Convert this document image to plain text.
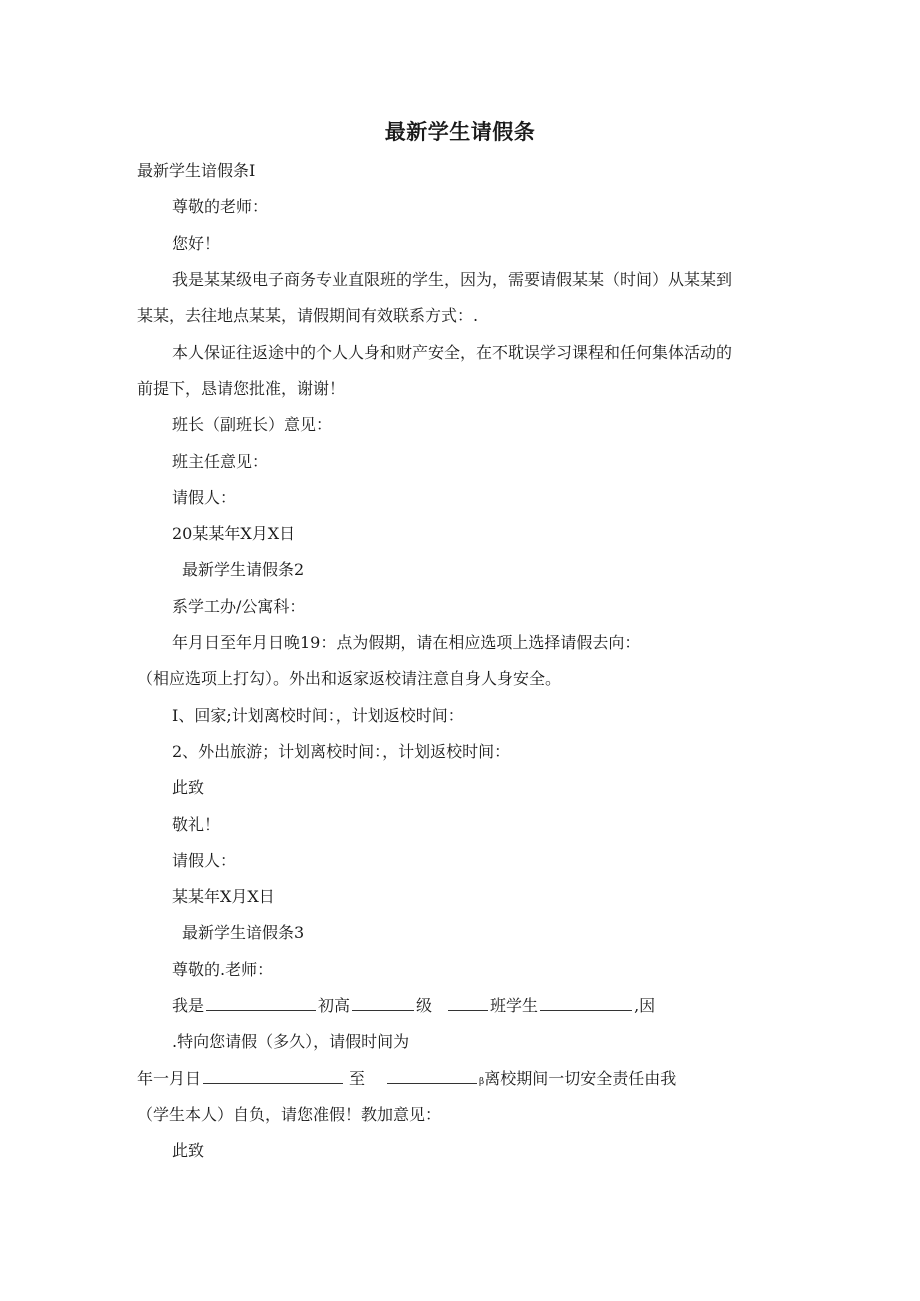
最新学生请假条
最新学生谙假条I
尊敬的老师：
您好！
我是某某级电子商务专业直限班的学生，因为，需要请假某某（时间）从某某到
某某，去往地点某某，请假期间有效联系方式：.
本人保证往返途中的个人人身和财产安全，在不耽误学习课程和任何集体活动的
前提下，恳请您批准，谢谢！
班长（副班长）意见：
班主任意见：
请假人：
20某某年X月X日
最新学生请假条2
系学工办/公寓科：
年月日至年月日晚19：点为假期，请在相应选项上选择请假去向：
（相应选项上打勾）。外出和返家返校请注意自身人身安全。
I、回家;计划离校时间：，计划返校时间：
2、外出旅游；计划离校时间：，计划返校时间：
此致
敬礼！
请假人：
某某年X月X日
最新学生谙假条3
尊敬的.老师：
我是	初高	级	班学生	,因
.特向您请假（多久），请假时间为
年一月日	至	β离校期间一切安全责任由我
（学生本人）自负，请您准假！教加意见：
此致
